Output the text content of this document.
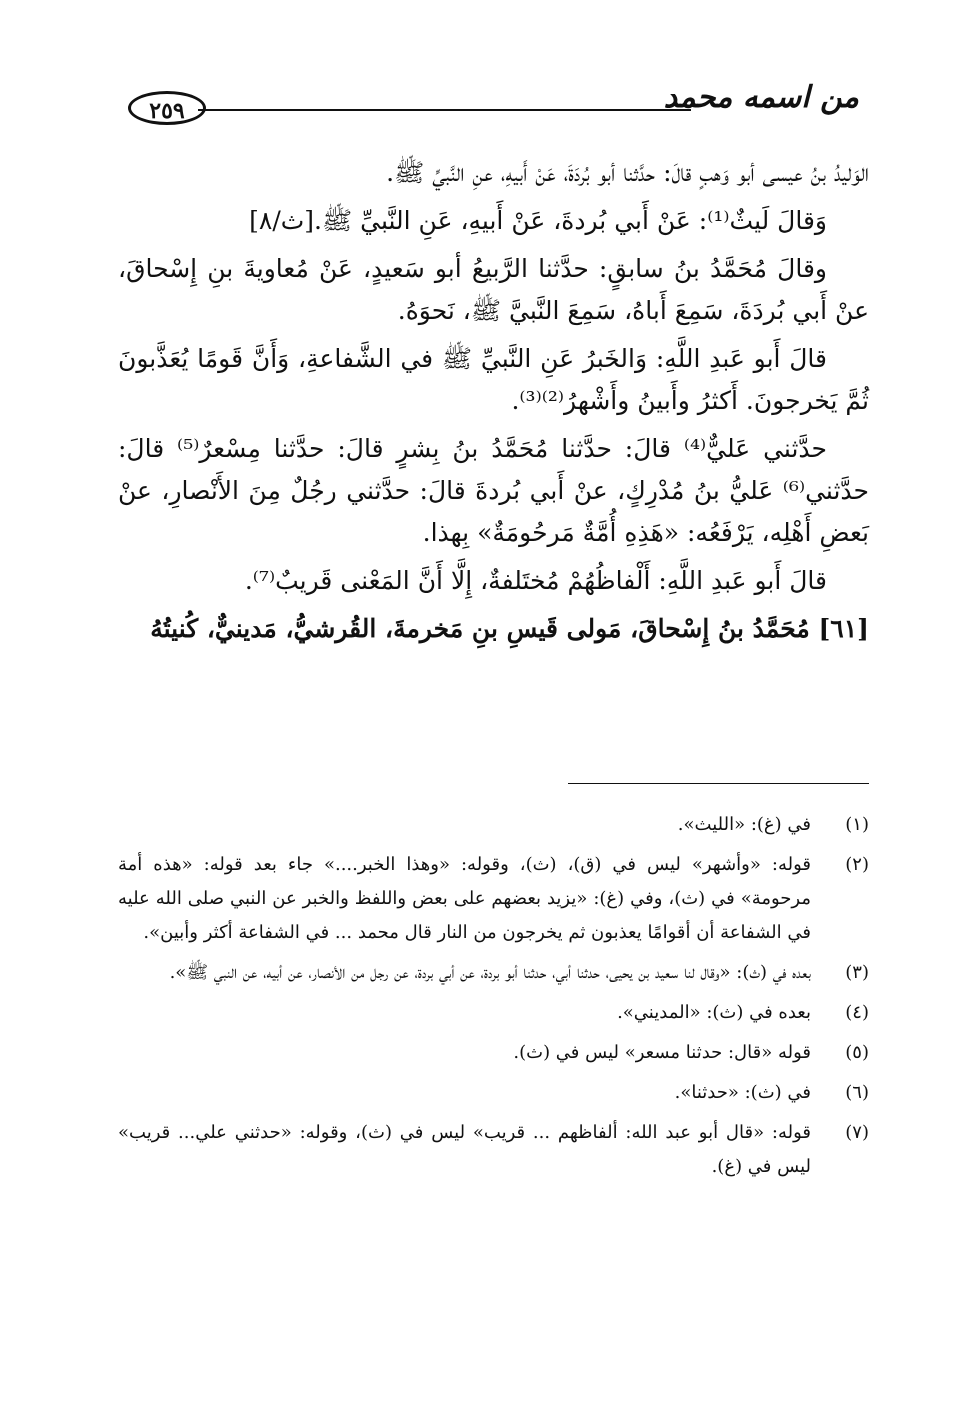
من اسمه محمد
٢٥٩

الوَليدُ بنُ عيسى أبو وَهبٍ قالَ: حدَّثنا أبو بُردَةَ، عَنْ أَبيهِ، عنِ النَّبيِّ ﷺ.

وَقالَ لَيثٌ⁽¹⁾: عَنْ أَبي بُردةَ، عَنْ أَبيهِ، عَنِ النَّبيِّ ﷺ.[ث/٨]

وقالَ مُحَمَّدُ بنُ سابقٍ: حدَّثنا الرَّبيعُ أبو سَعيدٍ، عَنْ مُعاويةَ بنِ إِسْحاقَ، عنْ أَبي بُردَةَ، سَمِعَ أَباهُ، سَمِعَ النَّبيَّ ﷺ، نَحوَهُ.

قالَ أَبو عَبدِ اللَّهِ: وَالخَبرُ عَنِ النَّبيِّ ﷺ في الشَّفاعةِ، وَأَنَّ قَومًا يُعَذَّبونَ ثُمَّ يَخرجونَ. أَكثرُ وأَبينُ وأَشْهرُ⁽²⁾⁽³⁾.

حدَّثني عَليٌّ⁽⁴⁾ قالَ: حدَّثنا مُحَمَّدُ بنُ بِشرٍ قالَ: حدَّثنا مِسْعرٌ⁽⁵⁾ قالَ: حدَّثني⁽⁶⁾ عَليُّ بنُ مُدْرِكٍ، عنْ أَبي بُردةَ قالَ: حدَّثني رجُلٌ مِنَ الأَنْصارِ، عنْ بَعضِ أَهْلِه، يَرْفَعُه: «هَذِهِ أُمَّةٌ مَرحُومَةٌ» بِهذا.

قالَ أَبو عَبدِ اللَّهِ: أَلْفاظُهُمْ مُختَلفةٌ، إِلَّا أَنَّ المَعْنى قَريبٌ⁽⁷⁾.

[٦١] مُحَمَّدُ بنُ إِسْحاقَ، مَولى قَيسِ بنِ مَخرمةَ، القُرشيُّ، مَدينيٌّ، كُنيتُهُ

(١)
في (غ): «الليث».
(٢)
قوله: «وأشهر» ليس في (ق)، (ث)، وقوله: «وهذا الخبر....» جاء بعد قوله: «هذه أمة مرحومة» في (ث)، وفي (غ): «يزيد بعضهم على بعض واللفظ والخبر عن النبي صلى الله عليه في الشفاعة أن أقوامًا يعذبون ثم يخرجون من النار قال محمد ... في الشفاعة أكثر وأبين».
(٣)
بعده في (ث): «وقال لنا سعيد بن يحيى، حدثنا أبي، حدثنا أبو بردة، عن أبي بردة، عن رجل من الأنصار، عن أبيه، عن النبي ﷺ».
(٤)
بعده في (ث): «المديني».
(٥)
قوله «قال: حدثنا مسعر» ليس في (ث).
(٦)
في (ث): «حدثنا».
(٧)
قوله: «قال أبو عبد الله: ألفاظهم ... قريب» ليس في (ث)، وقوله: «حدثني علي... قريب» ليس في (غ).
